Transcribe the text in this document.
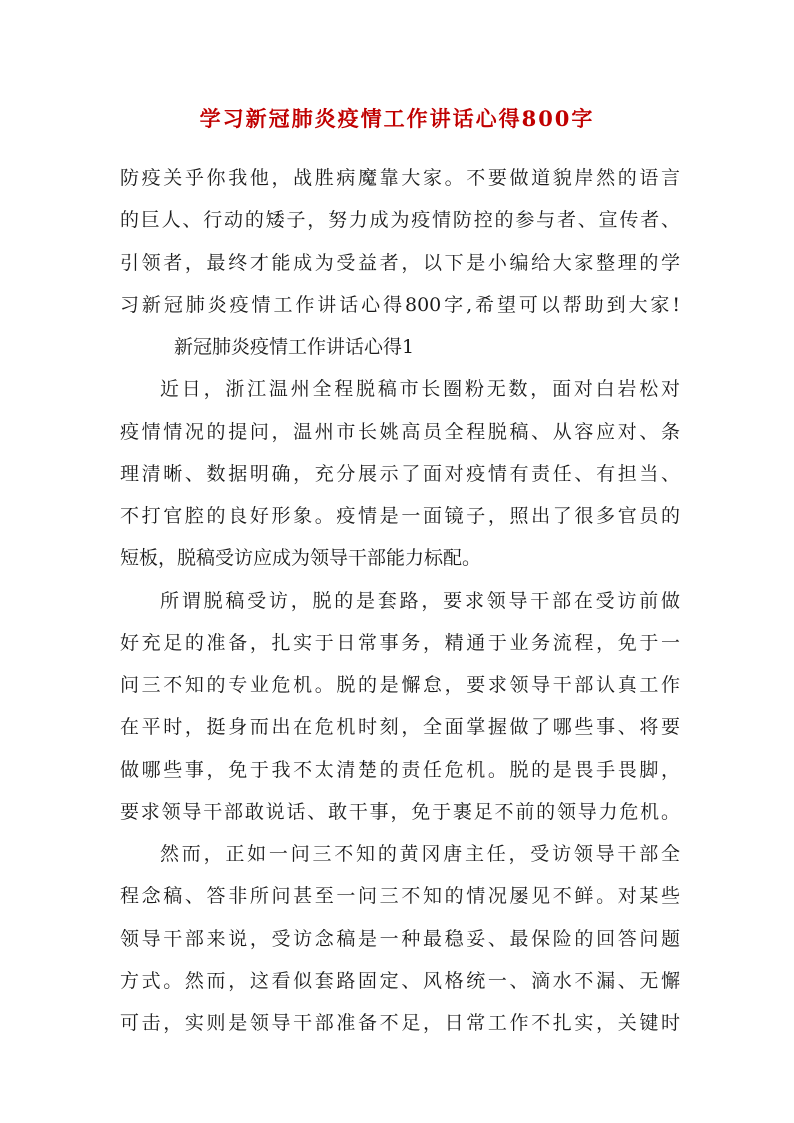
学习新冠肺炎疫情工作讲话心得800字
防疫关乎你我他，战胜病魔靠大家。不要做道貌岸然的语言
的巨人、行动的矮子，努力成为疫情防控的参与者、宣传者、
引领者，最终才能成为受益者，以下是小编给大家整理的学
习新冠肺炎疫情工作讲话心得800字,希望可以帮助到大家!
新冠肺炎疫情工作讲话心得1
近日，浙江温州全程脱稿市长圈粉无数，面对白岩松对
疫情情况的提问，温州市长姚高员全程脱稿、从容应对、条
理清晰、数据明确，充分展示了面对疫情有责任、有担当、
不打官腔的良好形象。疫情是一面镜子，照出了很多官员的
短板，脱稿受访应成为领导干部能力标配。
所谓脱稿受访，脱的是套路，要求领导干部在受访前做
好充足的准备，扎实于日常事务，精通于业务流程，免于一
问三不知的专业危机。脱的是懈怠，要求领导干部认真工作
在平时，挺身而出在危机时刻，全面掌握做了哪些事、将要
做哪些事，免于我不太清楚的责任危机。脱的是畏手畏脚，
要求领导干部敢说话、敢干事，免于裹足不前的领导力危机。
然而，正如一问三不知的黄冈唐主任，受访领导干部全
程念稿、答非所问甚至一问三不知的情况屡见不鲜。对某些
领导干部来说，受访念稿是一种最稳妥、最保险的回答问题
方式。然而，这看似套路固定、风格统一、滴水不漏、无懈
可击，实则是领导干部准备不足，日常工作不扎实，关键时
